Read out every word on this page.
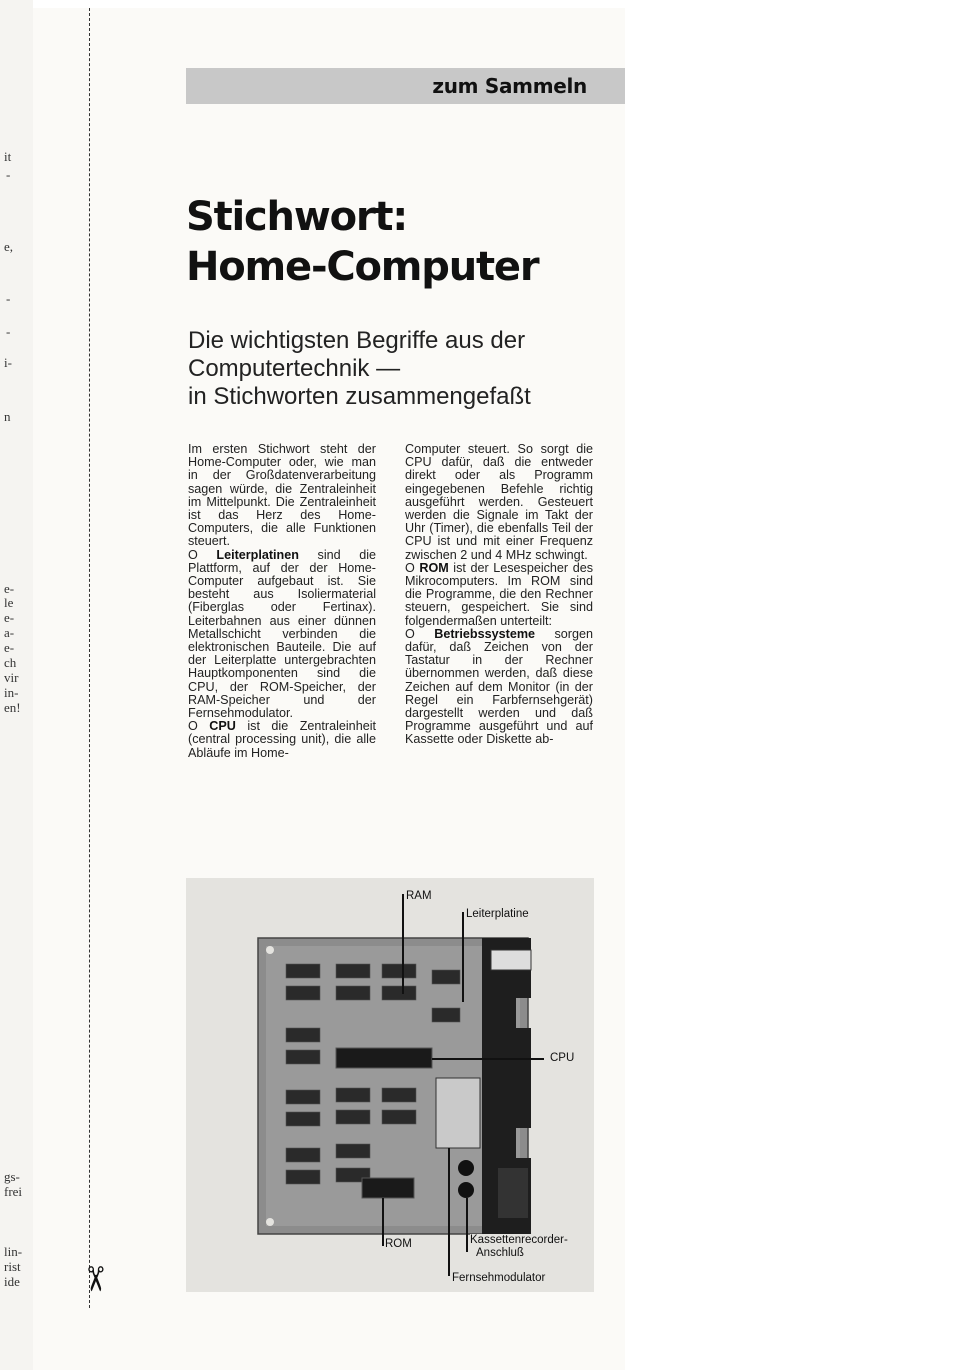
it
-
e,
-
-
i-
n
e-
le
e-
a-
e-
ch
vir
in-
en!
gs-
frei
lin-
rist
ide ✂
zum Sammeln
Stichwort:
Home-Computer
Die wichtigsten Begriffe aus der
Computertechnik —
in Stichworten zusammengefaßt

Im ersten Stichwort steht der Home-Computer oder, wie man in der Großdatenverarbeitung sagen würde, die Zentraleinheit im Mittelpunkt. Die Zentraleinheit ist das Herz des Home-Computers, die alle Funktionen steuert.

O Leiterplatinen sind die Plattform, auf der der Home-Computer aufgebaut ist. Sie besteht aus Isoliermaterial (Fiberglas oder Fertinax). Leiterbahnen aus einer dünnen Metallschicht verbinden die elektronischen Bauteile. Die auf der Leiterplatte untergebrachten Hauptkomponenten sind die CPU, der ROM-Speicher, der RAM-Speicher und der Fernsehmodulator.

O CPU ist die Zentraleinheit (central processing unit), die alle Abläufe im Home-

Computer steuert. So sorgt die CPU dafür, daß die entweder direkt oder als Programm eingegebenen Befehle richtig ausgeführt werden. Gesteuert werden die Signale im Takt der Uhr (Timer), die ebenfalls Teil der CPU ist und mit einer Frequenz zwischen 2 und 4 MHz schwingt.

O ROM ist der Lesespeicher des Mikrocomputers. Im ROM sind die Programme, die den Rechner steuern, gespeichert. Sie sind folgendermaßen unterteilt:

O Betriebssysteme sorgen dafür, daß Zeichen von der Tastatur in der Rechner übernommen werden, daß diese Zeichen auf dem Monitor (in der Regel ein Farbfernsehgerät) dargestellt werden und daß Programme ausgeführt und auf Kassette oder Diskette ab-

RAM
Leiterplatine
CPU
ROM	Kassettenrecorder-
Anschluß
Fernsehmodulator
